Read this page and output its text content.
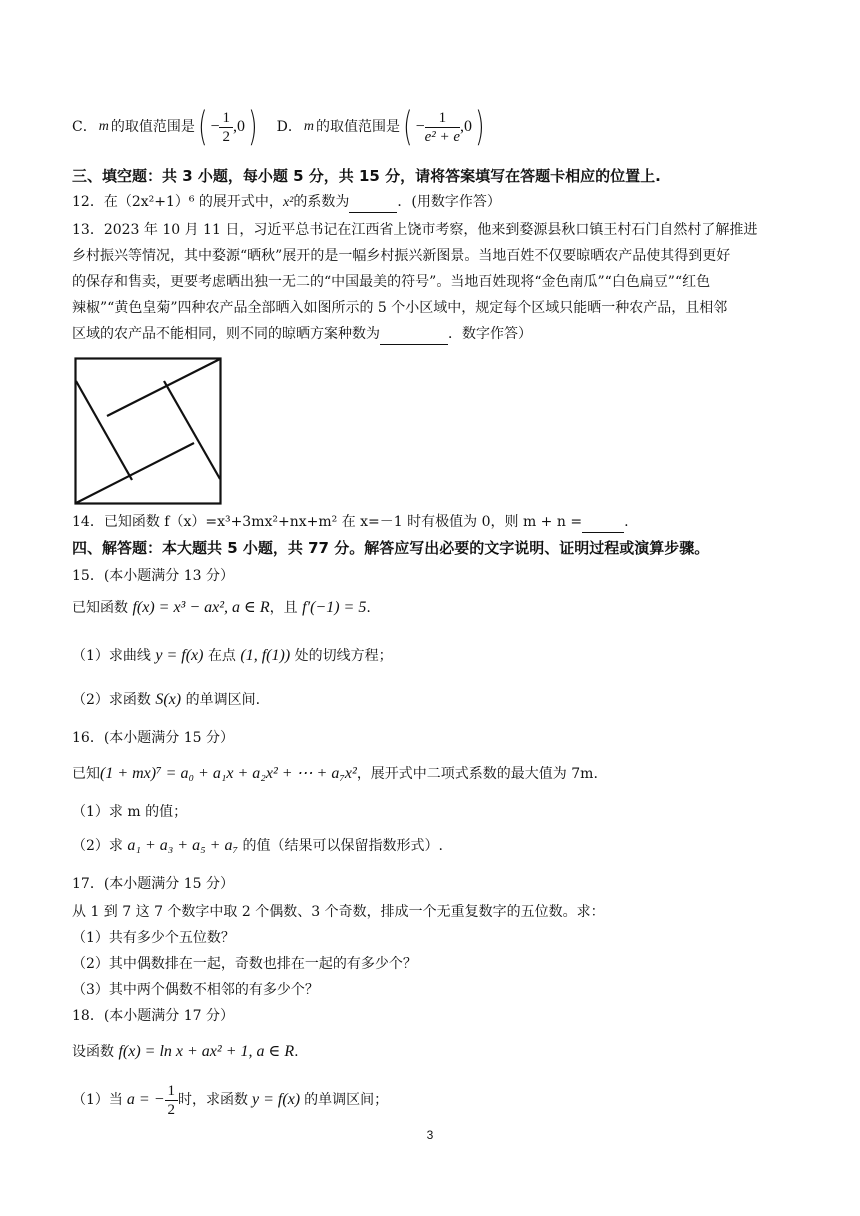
C． m 的取值范围是 ( − $\frac{1}{2} ,0$ ) D． m 的取值范围是 ( − $\frac{1}{\text{e² + e}} ,0$ )
三、填空题：共 3 小题，每小题 5 分，共 15 分，请将答案填写在答题卡相应的位置上.
12．在（2x²+1）⁶ 的展开式中，x²的系数为	．(用数字作答）
13．2023 年 10 月 11 日，习近平总书记在江西省上饶市考察，他来到婺源县秋口镇王村石门自然村了解推进
乡村振兴等情况，其中婺源“晒秋”展开的是一幅乡村振兴新图景。当地百姓不仅要晾晒农产品使其得到更好
的保存和售卖，更要考虑晒出独一无二的“中国最美的符号”。当地百姓现将“金色南瓜”“白色扁豆”“红色
辣椒”“黄色皇菊”四种农产品全部晒入如图所示的 5 个小区域中，规定每个区域只能晒一种农产品，且相邻
区域的农产品不能相同，则不同的晾晒方案种数为	．数字作答）
14．已知函数 f（x）=x³+3mx²+nx+m² 在 x=－1 时有极值为 0，则 m + n =	.
四、解答题：本大题共 5 小题，共 77 分。解答应写出必要的文字说明、证明过程或演算步骤。
15．(本小题满分 13 分）
已知函数 f(x) = x³ − ax², a ∈ R，且 f′(−1) = 5.
（1）求曲线 y = f(x) 在点 (1, f(1)) 处的切线方程；
（2）求函数 S(x) 的单调区间.
16．(本小题满分 15 分）
已知(1 + mx)⁷ = a₀ + a₁x + a₂x² + ⋯ + a₇x²，展开式中二项式系数的最大值为 7m.
（1）求 m 的值；
（2）求 a₁ + a₃ + a₅ + a₇ 的值（结果可以保留指数形式）.
17．(本小题满分 15 分）
从 1 到 7 这 7 个数字中取 2 个偶数、3 个奇数，排成一个无重复数字的五位数。求：
（1）共有多少个五位数？
（2）其中偶数排在一起，奇数也排在一起的有多少个？
（3）其中两个偶数不相邻的有多少个？
18．(本小题满分 17 分）
设函数 f(x) = ln x + ax² + 1, a ∈ R.
（1）当 a = − $\frac{1}{2}$ 时，求函数 y = f(x) 的单调区间；
3
